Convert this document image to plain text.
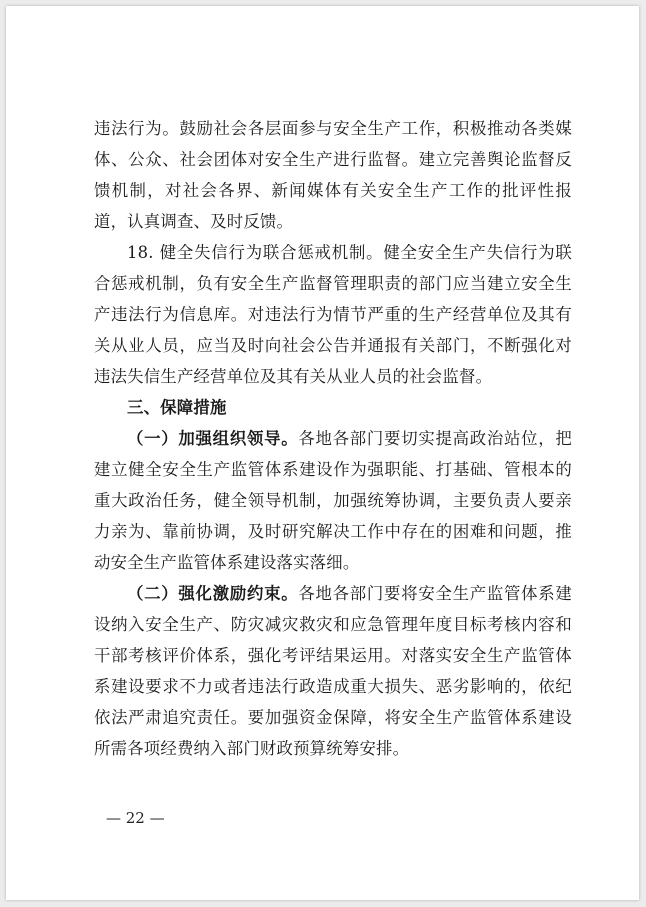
违法行为。鼓励社会各层面参与安全生产工作，积极推动各类媒体、公众、社会团体对安全生产进行监督。建立完善舆论监督反馈机制，对社会各界、新闻媒体有关安全生产工作的批评性报道，认真调查、及时反馈。

18. 健全失信行为联合惩戒机制。健全安全生产失信行为联合惩戒机制，负有安全生产监督管理职责的部门应当建立安全生产违法行为信息库。对违法行为情节严重的生产经营单位及其有关从业人员，应当及时向社会公告并通报有关部门，不断强化对违法失信生产经营单位及其有关从业人员的社会监督。

三、保障措施

（一）加强组织领导。各地各部门要切实提高政治站位，把建立健全安全生产监管体系建设作为强职能、打基础、管根本的重大政治任务，健全领导机制，加强统筹协调，主要负责人要亲力亲为、靠前协调，及时研究解决工作中存在的困难和问题，推动安全生产监管体系建设落实落细。

（二）强化激励约束。各地各部门要将安全生产监管体系建设纳入安全生产、防灾减灾救灾和应急管理年度目标考核内容和干部考核评价体系，强化考评结果运用。对落实安全生产监管体系建设要求不力或者违法行政造成重大损失、恶劣影响的，依纪依法严肃追究责任。要加强资金保障，将安全生产监管体系建设所需各项经费纳入部门财政预算统筹安排。

— 22 —
